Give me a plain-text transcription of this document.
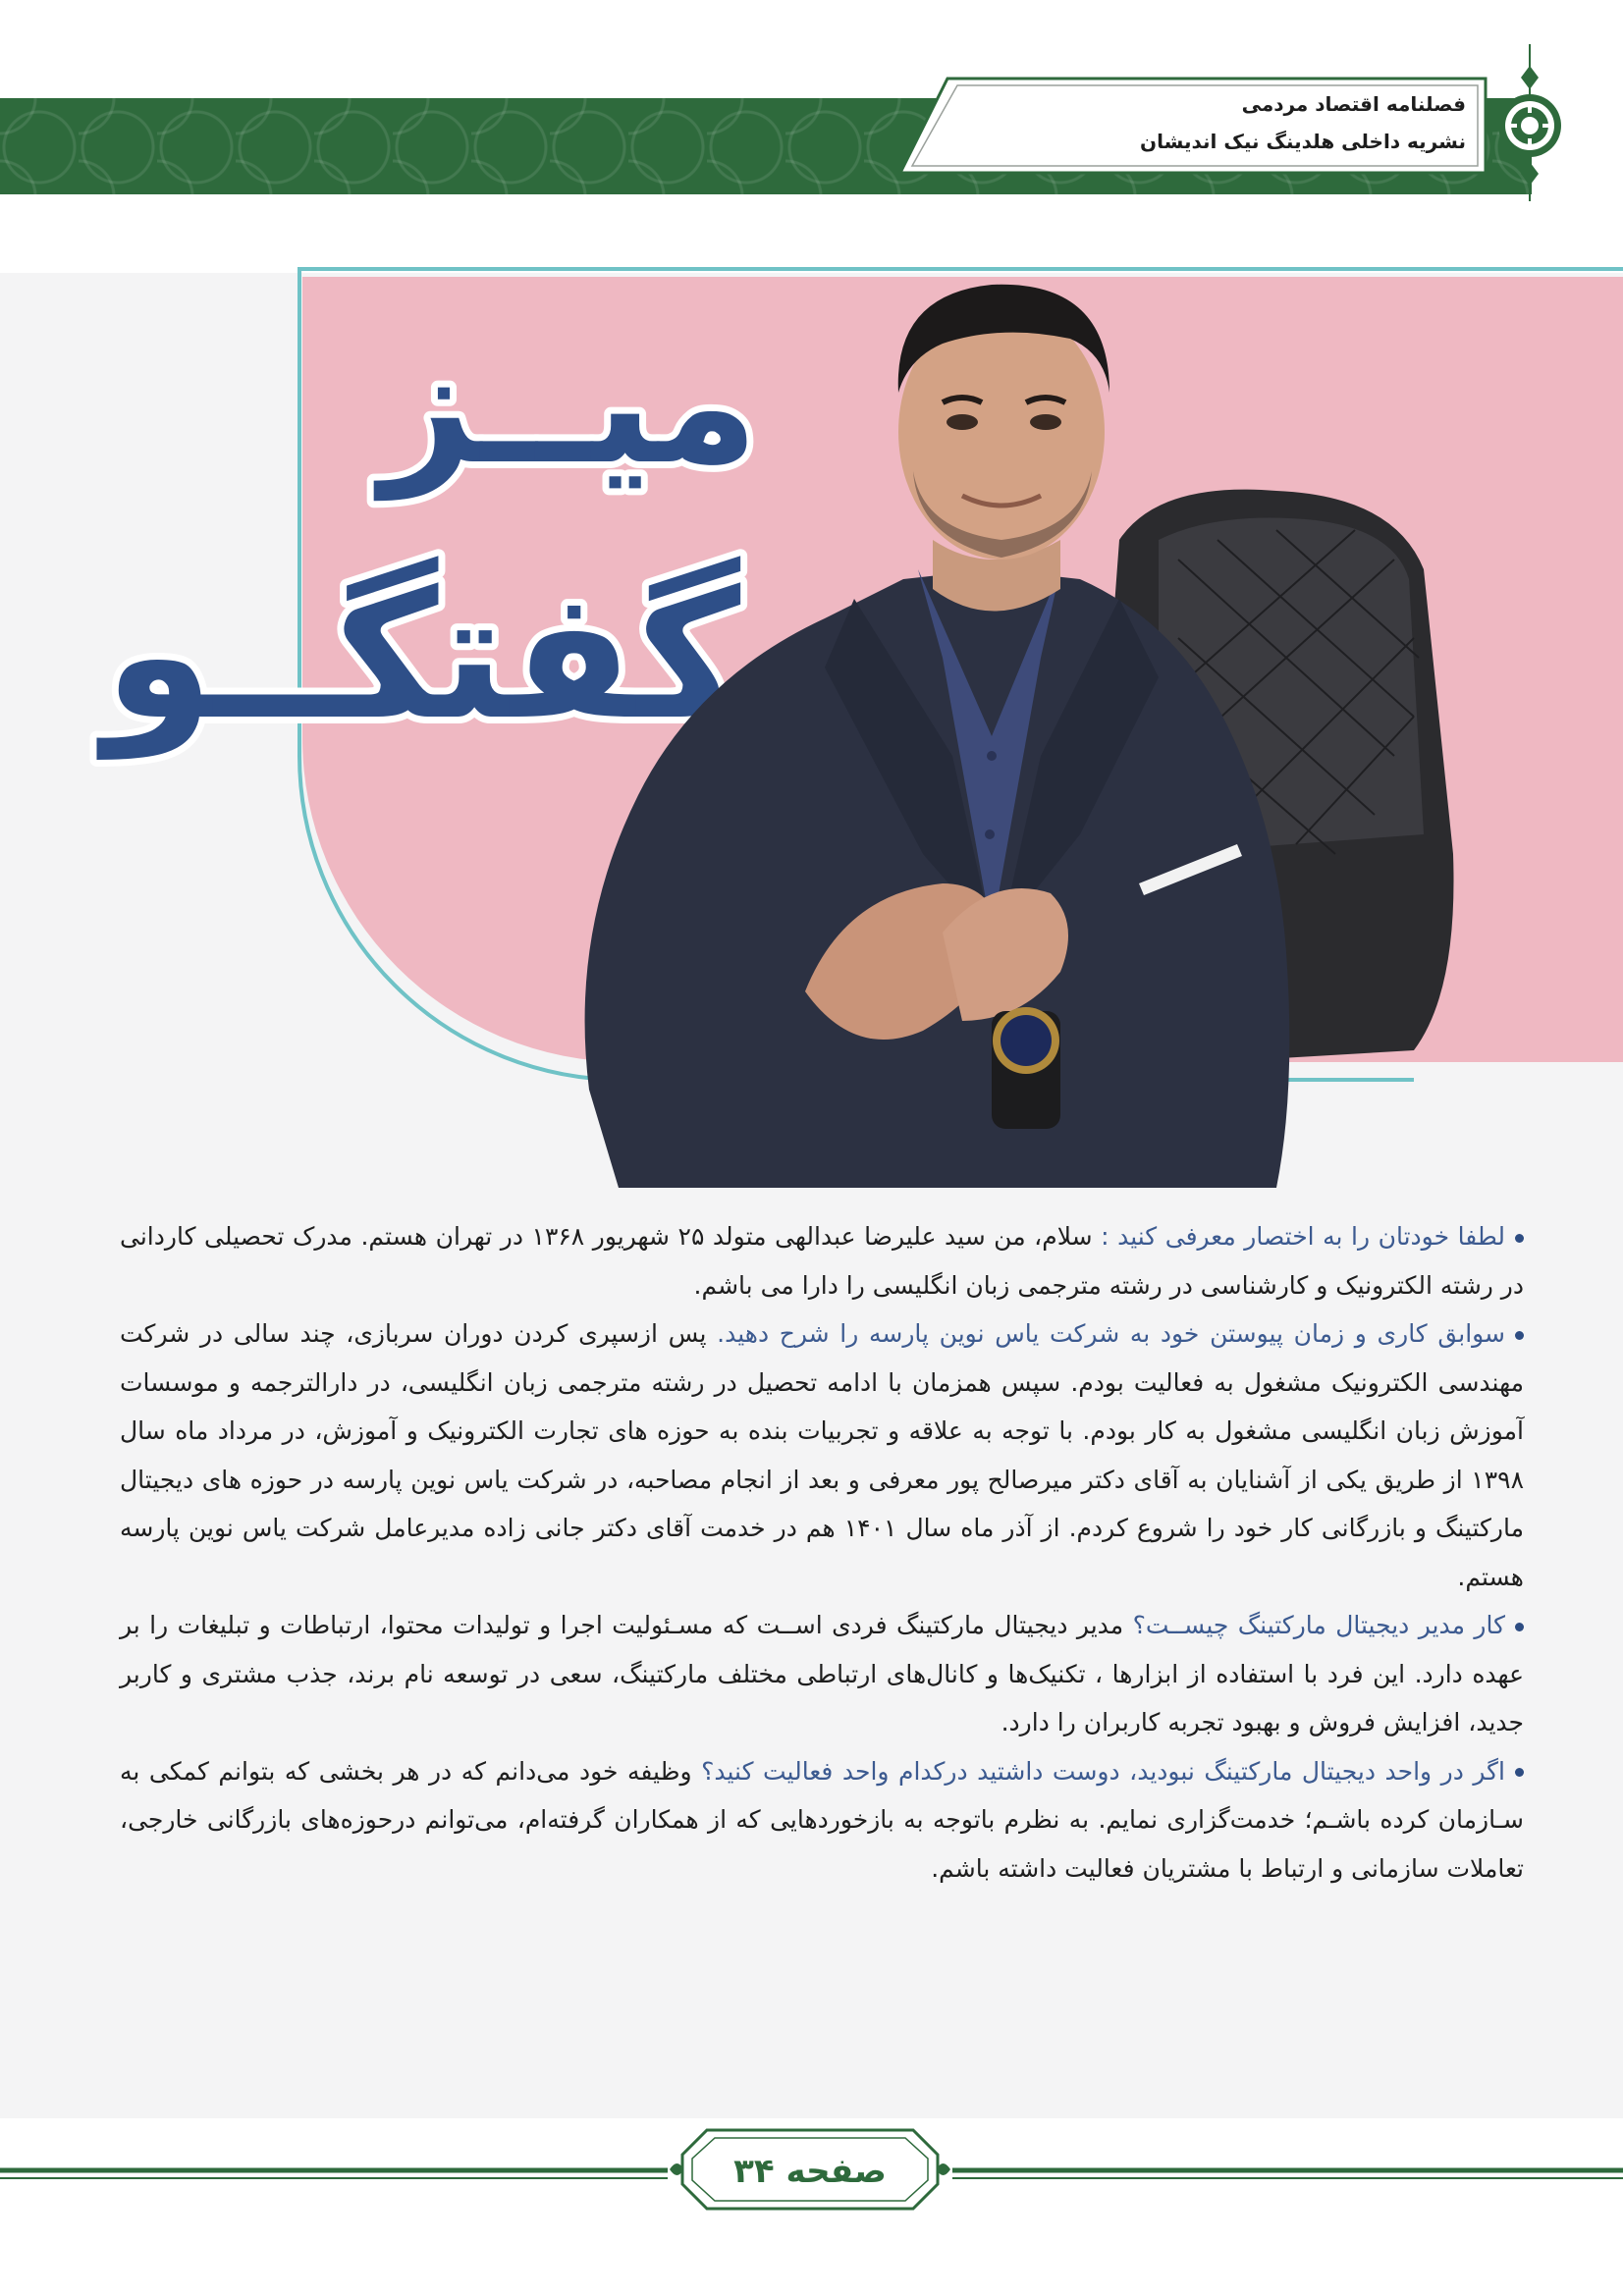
فصلنامه اقتصاد مردمی
نشریه داخلی هلدینگ نیک اندیشان
میــز
گفتگــو

لطفا خودتان را به اختصار معرفی کنید : سلام، من سید علیرضا عبدالهی متولد ۲۵ شهریور ۱۳۶۸ در تهران هستم. مدرک تحصیلی کاردانی در رشته الکترونیک و کارشناسی در رشته مترجمی زبان انگلیسی را دارا می باشم.

سوابق کاری و زمان پیوستن خود به شرکت یاس نوین پارسه را شرح دهید. پس ازسپری کردن دوران سربازی، چند سالی در شرکت مهندسی الکترونیک مشغول به فعالیت بودم. سپس همزمان با ادامه تحصیل در رشته مترجمی زبان انگلیسی، در دارالترجمه و موسسات آموزش زبان انگلیسی مشغول به کار بودم. با توجه به علاقه و تجربیات بنده به حوزه های تجارت الکترونیک و آموزش، در مرداد ماه سال ۱۳۹۸ از طریق یکی از آشنایان به آقای دکتر میرصالح پور معرفی و بعد از انجام مصاحبه، در شرکت یاس نوین پارسه در حوزه های دیجیتال مارکتینگ و بازرگانی کار خود را شروع کردم. از آذر ماه سال ۱۴۰۱ هم در خدمت آقای دکتر جانی زاده مدیرعامل شرکت یاس نوین پارسه هستم.

کار مدیر دیجیتال مارکتینگ چیســت؟ مدیر دیجیتال مارکتینگ فردی اســت که مسـئولیت اجرا و تولیدات محتوا، ارتباطات و تبلیغات را بر عهده دارد. این فرد با استفاده از ابزارها ، تکنیک‌ها و کانال‌های ارتباطی مختلف مارکتینگ، سعی در توسعه نام برند، جذب مشتری و کاربر جدید، افزایش فروش و بهبود تجربه کاربران را دارد.

اگر در واحد دیجیتال مارکتینگ نبودید، دوست داشتید درکدام واحد فعالیت کنید؟ وظیفه خود می‌دانم که در هر بخشی که بتوانم کمکی به سـازمان کرده باشـم؛ خدمت‌گزاری نمایم. به نظرم باتوجه به بازخوردهایی که از همکاران گرفته‌ام، می‌توانم درحوزه‌های بازرگانی خارجی، تعاملات سازمانی و ارتباط با مشتریان فعالیت داشته باشم.

صفحه ۳۴
